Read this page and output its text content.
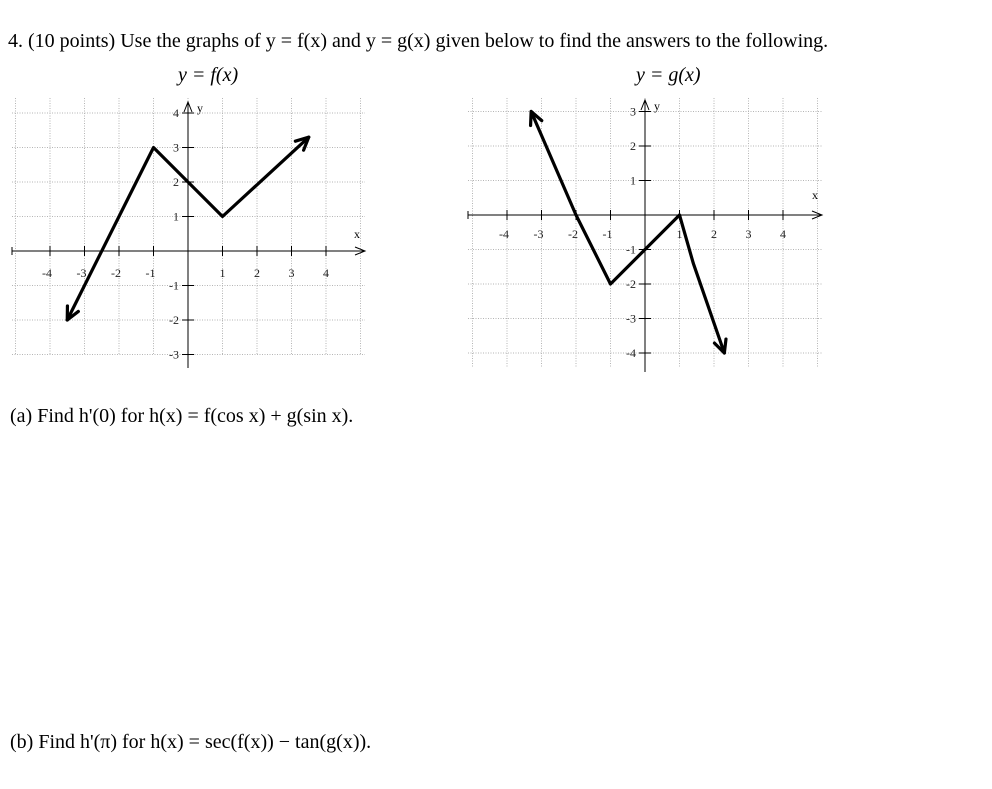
4. (10 points) Use the graphs of y = f(x) and y = g(x) given below to find the answers to the following.
y = f(x)	y = g(x)
-4 -3 -2 -1	1 2 3 4
4
3
2
1
-1
-2
-3
x
y
-4 -3 -2 -1	1 2 3 4
3
2
1
-1
-2
-3
-4
x
y
(a) Find h'(0) for h(x) = f(cos x) + g(sin x).
(b) Find h'(π) for h(x) = sec(f(x)) − tan(g(x)).
